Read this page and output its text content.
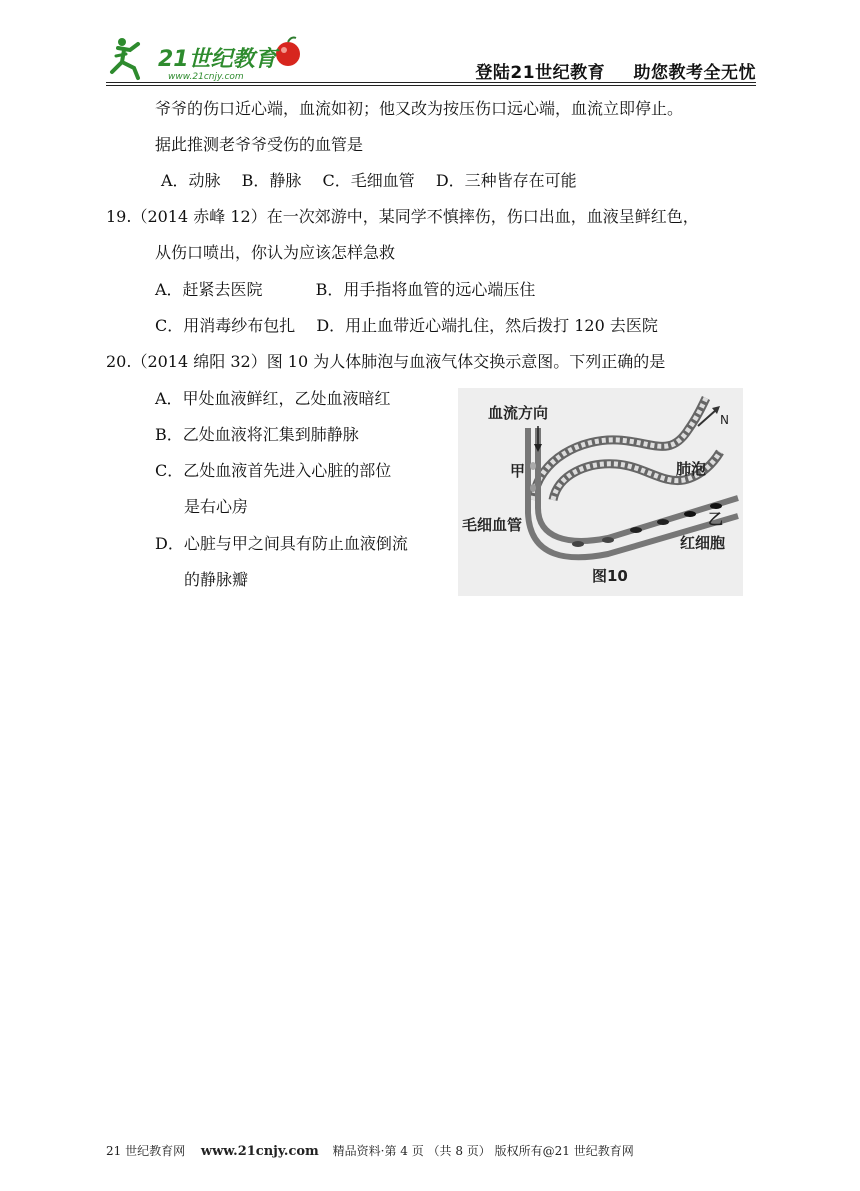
21世纪教育
www.21cnjy.com	登陆21世纪教育 助您教考全无忧
爷爷的伤口近心端，血流如初；他又改为按压伤口远心端，血流立即停止。
据此推测老爷爷受伤的血管是
A．动脉　 B．静脉　 C．毛细血管　 D．三种皆存在可能
19.（2014 赤峰 12）在一次郊游中，某同学不慎摔伤，伤口出血，血液呈鲜红色，
从伤口喷出，你认为应该怎样急救
A．赶紧去医院　　　 B．用手指将血管的远心端压住
C．用消毒纱布包扎　 D．用止血带近心端扎住，然后拨打 120 去医院
20.（2014 绵阳 32）图 10 为人体肺泡与血液气体交换示意图。下列正确的是
A．甲处血液鲜红，乙处血液暗红
B．乙处血液将汇集到肺静脉
C．乙处血液首先进入心脏的部位
是右心房
D．心脏与甲之间具有防止血液倒流
的静脉瓣
N
血流方向
甲	肺泡
乙
毛细血管
红细胞
图10
21 世纪教育网 www.21cnjy.com 精品资料·第 4 页 （共 8 页） 版权所有@21 世纪教育网
